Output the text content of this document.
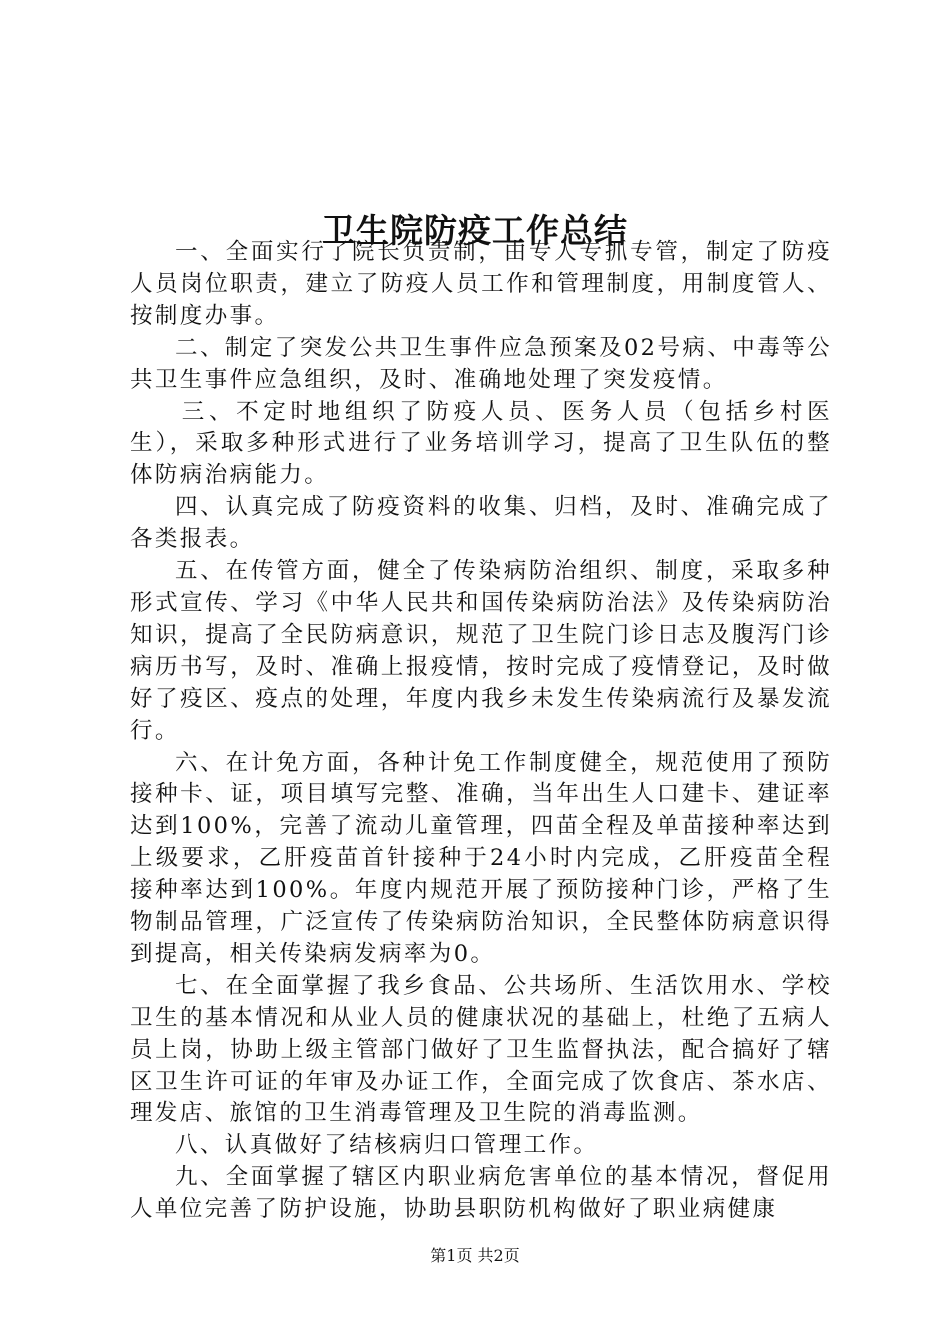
卫生院防疫工作总结

一、全面实行了院长负责制，由专人专抓专管，制定了防疫人员岗位职责，建立了防疫人员工作和管理制度，用制度管人、按制度办事。

二、制定了突发公共卫生事件应急预案及02号病、中毒等公共卫生事件应急组织，及时、准确地处理了突发疫情。

三、不定时地组织了防疫人员、医务人员（包括乡村医生），采取多种形式进行了业务培训学习，提高了卫生队伍的整体防病治病能力。

四、认真完成了防疫资料的收集、归档，及时、准确完成了各类报表。

五、在传管方面，健全了传染病防治组织、制度，采取多种形式宣传、学习《中华人民共和国传染病防治法》及传染病防治知识，提高了全民防病意识，规范了卫生院门诊日志及腹泻门诊病历书写，及时、准确上报疫情，按时完成了疫情登记，及时做好了疫区、疫点的处理，年度内我乡未发生传染病流行及暴发流行。

六、在计免方面，各种计免工作制度健全，规范使用了预防接种卡、证，项目填写完整、准确，当年出生人口建卡、建证率达到100%，完善了流动儿童管理，四苗全程及单苗接种率达到上级要求，乙肝疫苗首针接种于24小时内完成，乙肝疫苗全程接种率达到100%。年度内规范开展了预防接种门诊，严格了生物制品管理，广泛宣传了传染病防治知识，全民整体防病意识得到提高，相关传染病发病率为0。

七、在全面掌握了我乡食品、公共场所、生活饮用水、学校卫生的基本情况和从业人员的健康状况的基础上，杜绝了五病人员上岗，协助上级主管部门做好了卫生监督执法，配合搞好了辖区卫生许可证的年审及办证工作，全面完成了饮食店、茶水店、理发店、旅馆的卫生消毒管理及卫生院的消毒监测。

八、认真做好了结核病归口管理工作。

九、全面掌握了辖区内职业病危害单位的基本情况，督促用人单位完善了防护设施，协助县职防机构做好了职业病健康

第1页 共2页
